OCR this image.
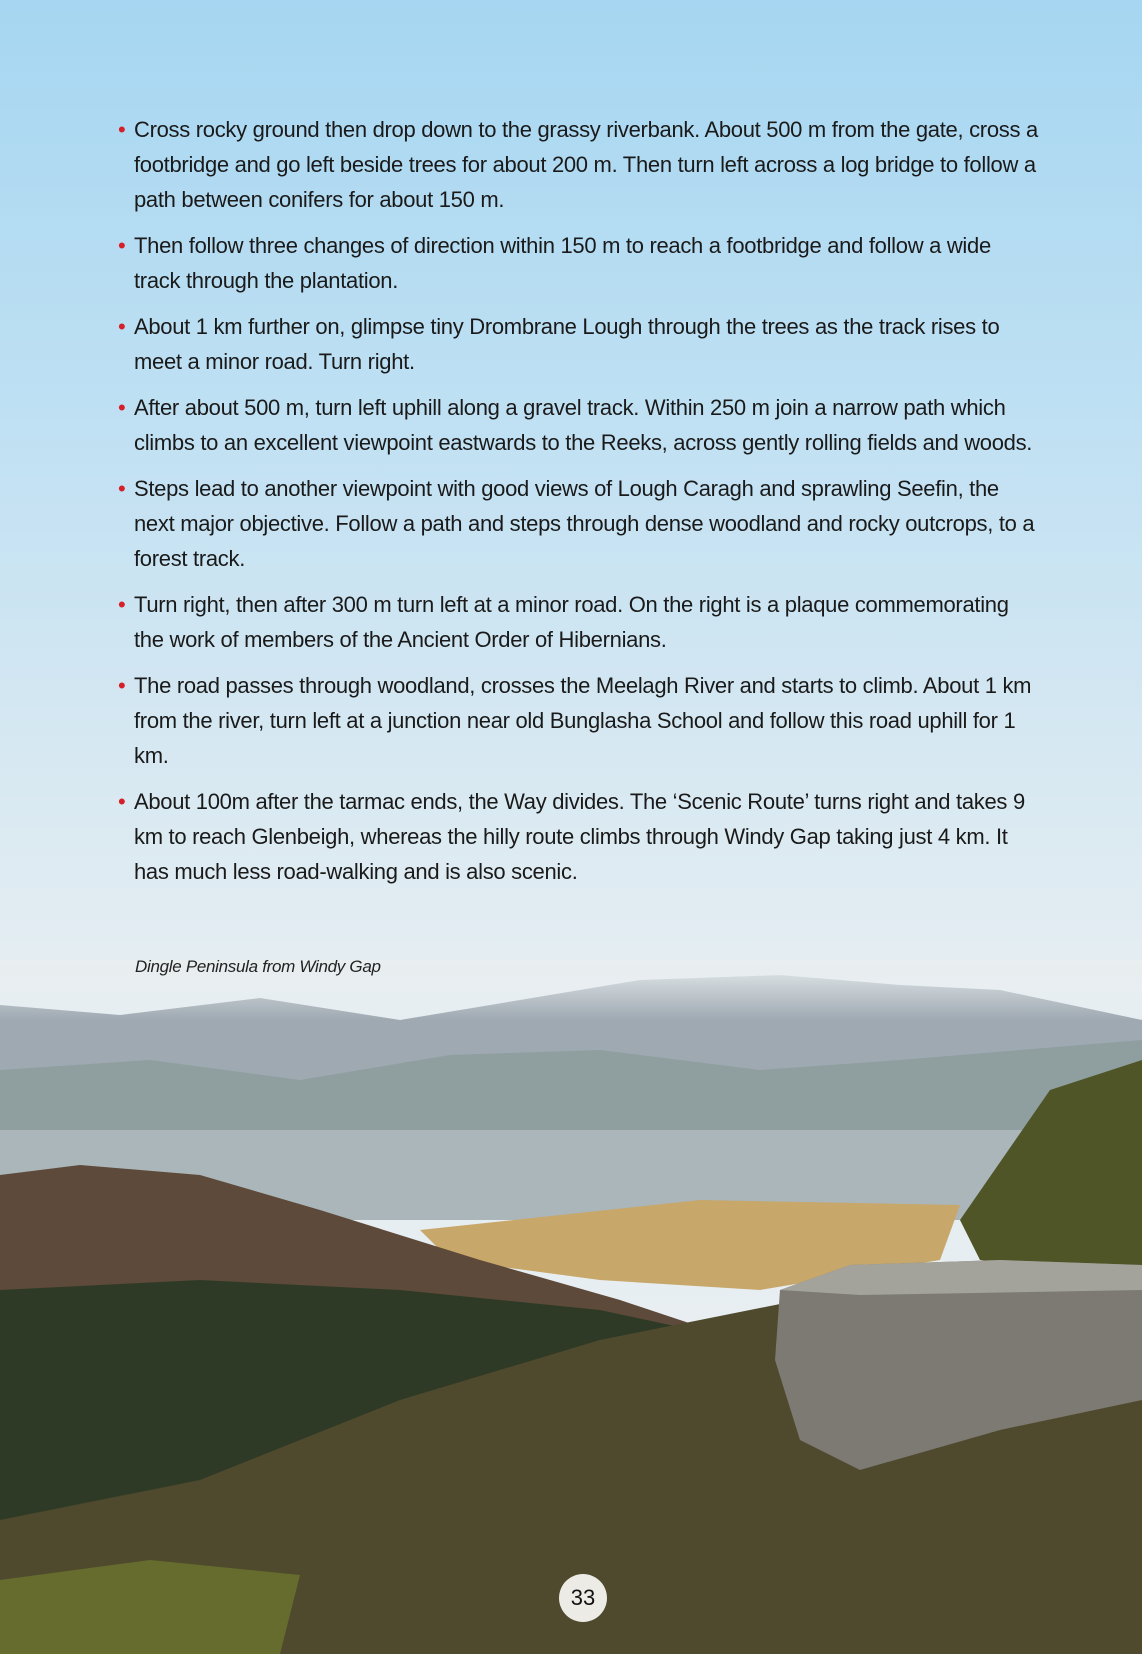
• Cross rocky ground then drop down to the grassy riverbank. About 500 m from the gate, cross a footbridge and go left beside trees for about 200 m. Then turn left across a log bridge to follow a path between conifers for about 150 m.

• Then follow three changes of direction within 150 m to reach a footbridge and follow a wide track through the plantation.

• About 1 km further on, glimpse tiny Drombrane Lough through the trees as the track rises to meet a minor road. Turn right.

• After about 500 m, turn left uphill along a gravel track. Within 250 m join a narrow path which climbs to an excellent viewpoint eastwards to the Reeks, across gently rolling fields and woods.

• Steps lead to another viewpoint with good views of Lough Caragh and sprawling Seefin, the next major objective. Follow a path and steps through dense woodland and rocky outcrops, to a forest track.

• Turn right, then after 300 m turn left at a minor road. On the right is a plaque commemorating the work of members of the Ancient Order of Hibernians.

• The road passes through woodland, crosses the Meelagh River and starts to climb. About 1 km from the river, turn left at a junction near old Bunglasha School and follow this road uphill for 1 km.

• About 100m after the tarmac ends, the Way divides. The ‘Scenic Route’ turns right and takes 9 km to reach Glenbeigh, whereas the hilly route climbs through Windy Gap taking just 4 km. It has much less road-walking and is also scenic.

Dingle Peninsula from Windy Gap
33
